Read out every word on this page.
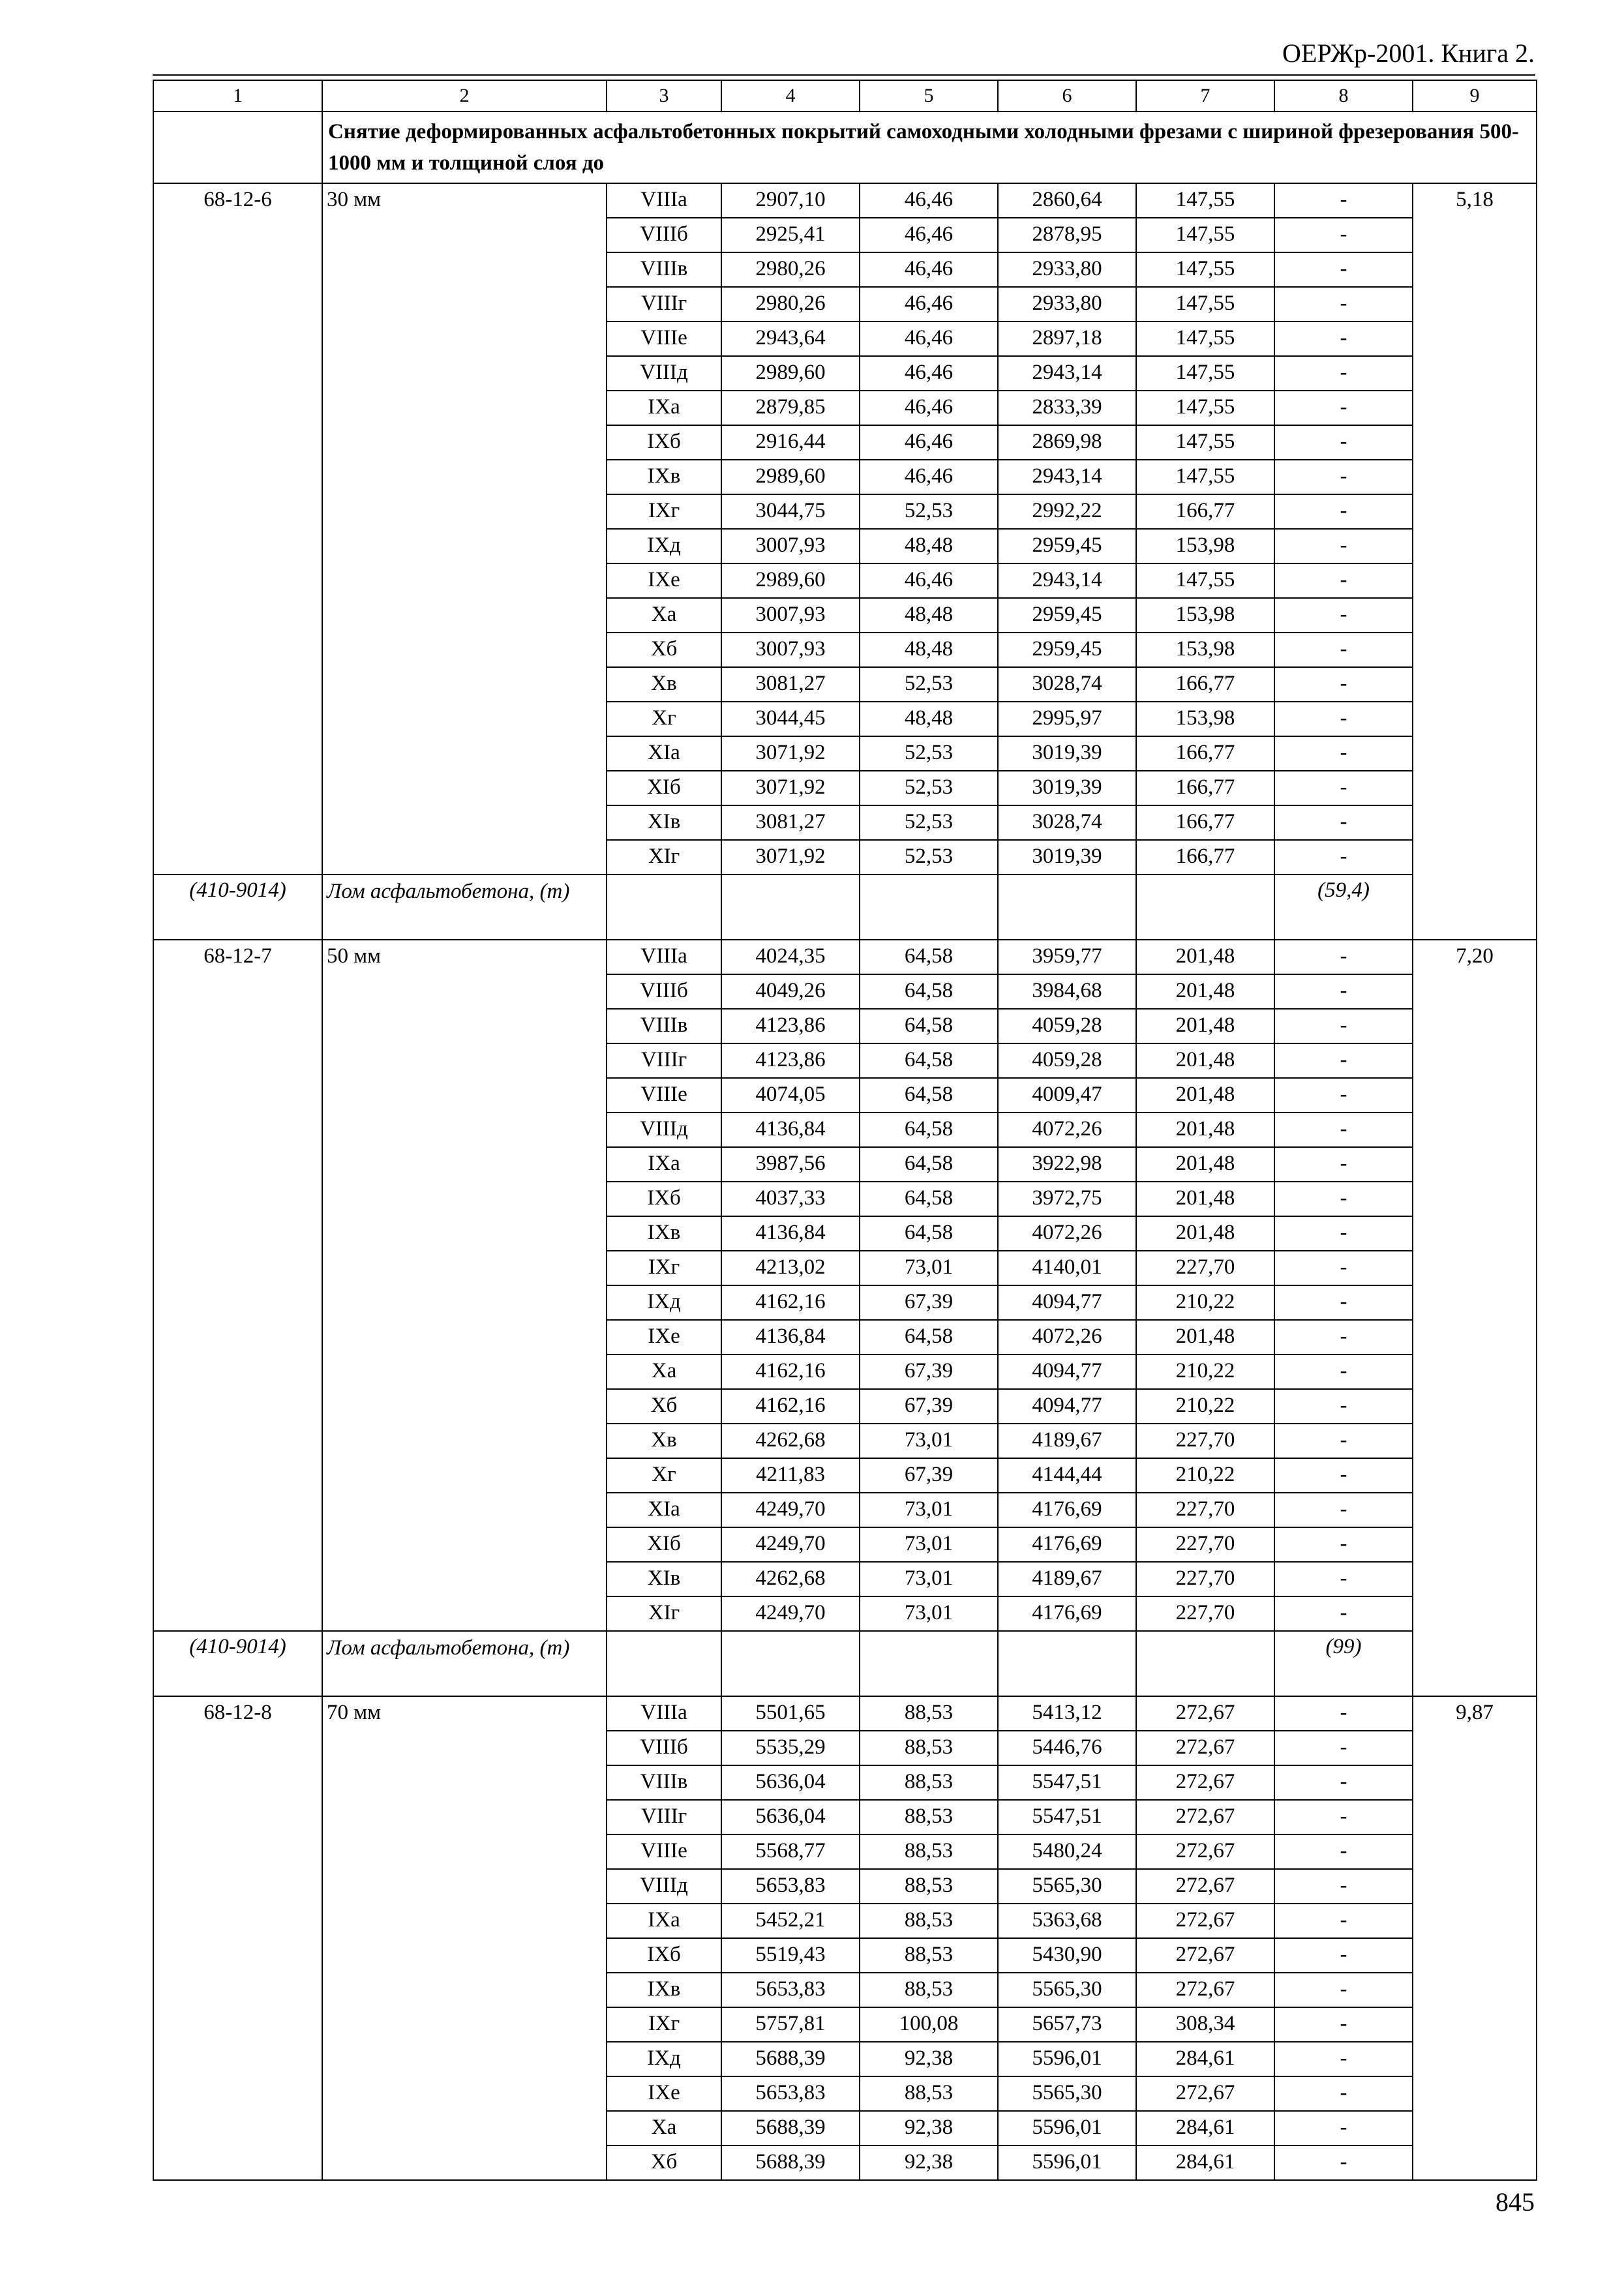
ОЕРЖр-2001. Книга 2.
1	2	3	4	5	6	7	8	9
	Снятие деформированных асфальтобетонных покрытий самоходными холодными фрезами с шириной фрезерования 500-1000 мм и толщиной слоя до							
68-12-6	30 мм	VIIIа	2907,10	46,46	2860,64	147,55	-	5,18
		VIIIб	2925,41	46,46	2878,95	147,55	-	
		VIIIв	2980,26	46,46	2933,80	147,55	-	
		VIIIг	2980,26	46,46	2933,80	147,55	-	
		VIIIе	2943,64	46,46	2897,18	147,55	-	
		VIIIд	2989,60	46,46	2943,14	147,55	-	
		IXа	2879,85	46,46	2833,39	147,55	-	
		IXб	2916,44	46,46	2869,98	147,55	-	
		IXв	2989,60	46,46	2943,14	147,55	-	
		IXг	3044,75	52,53	2992,22	166,77	-	
		IXд	3007,93	48,48	2959,45	153,98	-	
		IXе	2989,60	46,46	2943,14	147,55	-	
		Xа	3007,93	48,48	2959,45	153,98	-	
		Xб	3007,93	48,48	2959,45	153,98	-	
		Xв	3081,27	52,53	3028,74	166,77	-	
		Xг	3044,45	48,48	2995,97	153,98	-	
		XIа	3071,92	52,53	3019,39	166,77	-	
		XIб	3071,92	52,53	3019,39	166,77	-	
		XIв	3081,27	52,53	3028,74	166,77	-	
		XIг	3071,92	52,53	3019,39	166,77	-	
(410-9014)	Лом асфальтобетона, (т)						(59,4)	
68-12-7	50 мм	VIIIа	4024,35	64,58	3959,77	201,48	-	7,20
		VIIIб	4049,26	64,58	3984,68	201,48	-	
		VIIIв	4123,86	64,58	4059,28	201,48	-	
		VIIIг	4123,86	64,58	4059,28	201,48	-	
		VIIIе	4074,05	64,58	4009,47	201,48	-	
		VIIIд	4136,84	64,58	4072,26	201,48	-	
		IXа	3987,56	64,58	3922,98	201,48	-	
		IXб	4037,33	64,58	3972,75	201,48	-	
		IXв	4136,84	64,58	4072,26	201,48	-	
		IXг	4213,02	73,01	4140,01	227,70	-	
		IXд	4162,16	67,39	4094,77	210,22	-	
		IXе	4136,84	64,58	4072,26	201,48	-	
		Xа	4162,16	67,39	4094,77	210,22	-	
		Xб	4162,16	67,39	4094,77	210,22	-	
		Xв	4262,68	73,01	4189,67	227,70	-	
		Xг	4211,83	67,39	4144,44	210,22	-	
		XIа	4249,70	73,01	4176,69	227,70	-	
		XIб	4249,70	73,01	4176,69	227,70	-	
		XIв	4262,68	73,01	4189,67	227,70	-	
		XIг	4249,70	73,01	4176,69	227,70	-	
(410-9014)	Лом асфальтобетона, (т)						(99)	
68-12-8	70 мм	VIIIа	5501,65	88,53	5413,12	272,67	-	9,87
		VIIIб	5535,29	88,53	5446,76	272,67	-	
		VIIIв	5636,04	88,53	5547,51	272,67	-	
		VIIIг	5636,04	88,53	5547,51	272,67	-	
		VIIIе	5568,77	88,53	5480,24	272,67	-	
		VIIIд	5653,83	88,53	5565,30	272,67	-	
		IXа	5452,21	88,53	5363,68	272,67	-	
		IXб	5519,43	88,53	5430,90	272,67	-	
		IXв	5653,83	88,53	5565,30	272,67	-	
		IXг	5757,81	100,08	5657,73	308,34	-	
		IXд	5688,39	92,38	5596,01	284,61	-	
		IXе	5653,83	88,53	5565,30	272,67	-	
		Xа	5688,39	92,38	5596,01	284,61	-	
		Xб	5688,39	92,38	5596,01	284,61	-	
845
